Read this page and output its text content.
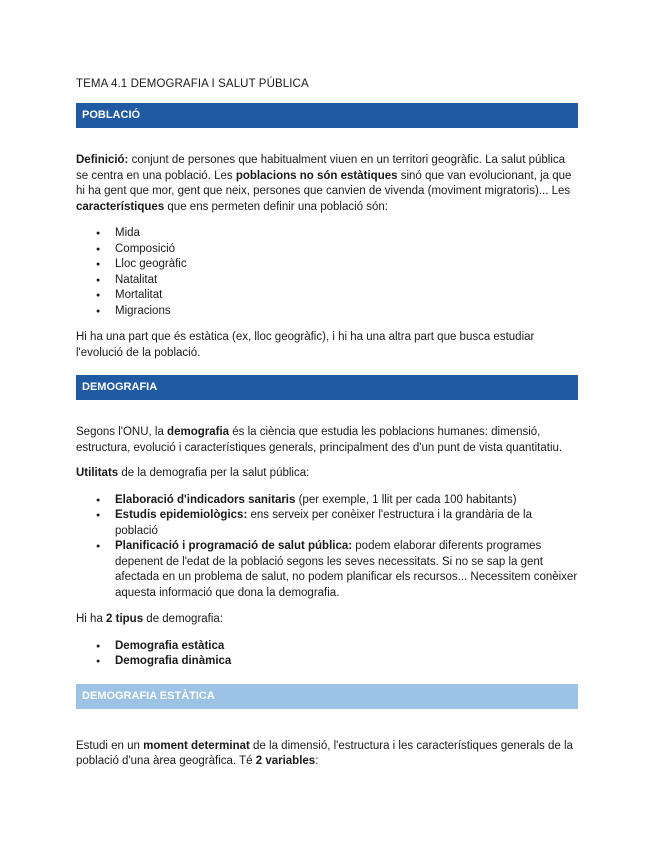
TEMA 4.1 DEMOGRAFIA I SALUT PÚBLICA
POBLACIÓ

Definició: conjunt de persones que habitualment viuen en un territori geogràfic. La salut pública se centra en una població. Les poblacions no són estàtiques sinó que van evolucionant, ja que hi ha gent que mor, gent que neix, persones que canvien de vivenda (moviment migratoris)... Les característiques que ens permeten definir una població són:

● Mida
● Composició
● Lloc geogràfic
● Natalitat
● Mortalitat
● Migracions

Hi ha una part que és estàtica (ex, lloc geogràfic), i hi ha una altra part que busca estudiar l'evolució de la població.

DEMOGRAFIA

Segons l'ONU, la demografia és la ciència que estudia les poblacions humanes: dimensió, estructura, evolució i característiques generals, principalment des d'un punt de vista quantitatiu.

Utilitats de la demografia per la salut pública:

● Elaboració d'indicadors sanitaris (per exemple, 1 llit per cada 100 habitants)
● Estudis epidemiològics: ens serveix per conèixer l'estructura i la grandària de la població
● Planificació i programació de salut pública: podem elaborar diferents programes depenent de l'edat de la població segons les seves necessitats. Si no se sap la gent afectada en un problema de salut, no podem planificar els recursos... Necessitem conèixer aquesta informació que dona la demografia.

Hi ha 2 tipus de demografia:

● Demografia estàtica
● Demografia dinàmica
DEMOGRAFIA ESTÀTICA

Estudi en un moment determinat de la dimensió, l'estructura i les característiques generals de la població d'una àrea geogràfica. Té 2 variables:
